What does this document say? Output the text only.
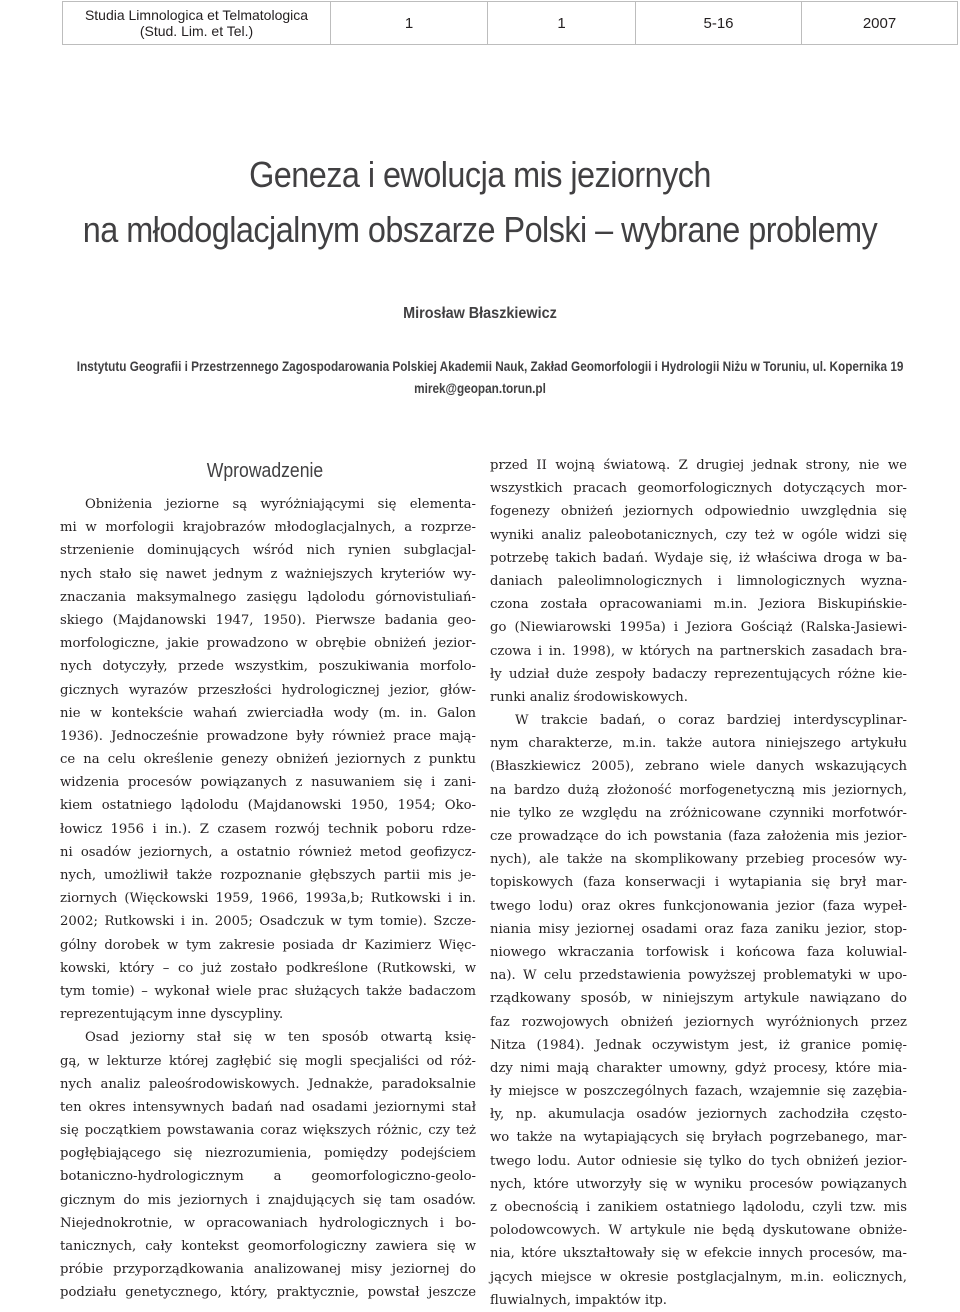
Studia Limnologica et Telmatologica
(Stud. Lim. et Tel.)	1	1	5-16	2007
Geneza i ewolucja mis jeziornych
na młodoglacjalnym obszarze Polski – wybrane problemy
Mirosław Błaszkiewicz
Instytutu Geografii i Przestrzennego Zagospodarowania Polskiej Akademii Nauk, Zakład Geomorfologii i Hydrologii Niżu w Toruniu, ul. Kopernika 19
mirek@geopan.torun.pl
Wprowadzenie
Obniżenia jeziorne są wyróżniającymi się elementa-
mi w morfologii krajobrazów młodoglacjalnych, a rozprze-
strzenienie dominujących wśród nich rynien subglacjal-
nych stało się nawet jednym z ważniejszych kryteriów wy-
znaczania maksymalnego zasięgu lądolodu górnovistuliań-
skiego (Majdanowski 1947, 1950). Pierwsze badania geo-
morfologiczne, jakie prowadzono w obrębie obniżeń jezior-
nych dotyczyły, przede wszystkim, poszukiwania morfolo-
gicznych wyrazów przeszłości hydrologicznej jezior, głów-
nie w kontekście wahań zwierciadła wody (m. in. Galon
1936). Jednocześnie prowadzone były również prace mają-
ce na celu określenie genezy obniżeń jeziornych z punktu
widzenia procesów powiązanych z nasuwaniem się i zani-
kiem ostatniego lądolodu (Majdanowski 1950, 1954; Oko-
łowicz 1956 i in.). Z czasem rozwój technik poboru rdze-
ni osadów jeziornych, a ostatnio również metod geofizycz-
nych, umożliwił także rozpoznanie głębszych partii mis je-
ziornych (Więckowski 1959, 1966, 1993a,b; Rutkowski i in.
2002; Rutkowski i in. 2005; Osadczuk w tym tomie). Szcze-
gólny dorobek w tym zakresie posiada dr Kazimierz Więc-
kowski, który – co już zostało podkreślone (Rutkowski, w
tym tomie) – wykonał wiele prac służących także badaczom
reprezentującym inne dyscypliny.
Osad jeziorny stał się w ten sposób otwartą księ-
gą, w lekturze której zagłębić się mogli specjaliści od róż-
nych analiz paleośrodowiskowych. Jednakże, paradoksalnie
ten okres intensywnych badań nad osadami jeziornymi stał
się początkiem powstawania coraz większych różnic, czy też
pogłębiającego się niezrozumienia, pomiędzy podejściem
botaniczno-hydrologicznym a geomorfologiczno-geolo-
gicznym do mis jeziornych i znajdujących się tam osadów.
Niejednokrotnie, w opracowaniach hydrologicznych i bo-
tanicznych, cały kontekst geomorfologiczny zawiera się w
próbie przyporządkowania analizowanej misy jeziornej do
podziału genetycznego, który, praktycznie, powstał jeszcze
przed II wojną światową. Z drugiej jednak strony, nie we
wszystkich pracach geomorfologicznych dotyczących mor-
fogenezy obniżeń jeziornych odpowiednio uwzględnia się
wyniki analiz paleobotanicznych, czy też w ogóle widzi się
potrzebę takich badań. Wydaje się, iż właściwa droga w ba-
daniach paleolimnologicznych i limnologicznych wyzna-
czona została opracowaniami m.in. Jeziora Biskupińskie-
go (Niewiarowski 1995a) i Jeziora Gościąż (Ralska-Jasiewi-
czowa i in. 1998), w których na partnerskich zasadach bra-
ły udział duże zespoły badaczy reprezentujących różne kie-
runki analiz środowiskowych.
W trakcie badań, o coraz bardziej interdyscyplinar-
nym charakterze, m.in. także autora niniejszego artykułu
(Błaszkiewicz 2005), zebrano wiele danych wskazujących
na bardzo dużą złożoność morfogenetyczną mis jeziornych,
nie tylko ze względu na zróżnicowane czynniki morfotwór-
cze prowadzące do ich powstania (faza założenia mis jezior-
nych), ale także na skomplikowany przebieg procesów wy-
topiskowych (faza konserwacji i wytapiania się brył mar-
twego lodu) oraz okres funkcjonowania jezior (faza wypeł-
niania misy jeziornej osadami oraz faza zaniku jezior, stop-
niowego wkraczania torfowisk i końcowa faza koluwial-
na). W celu przedstawienia powyższej problematyki w upo-
rządkowany sposób, w niniejszym artykule nawiązano do
faz rozwojowych obniżeń jeziornych wyróżnionych przez
Nitza (1984). Jednak oczywistym jest, iż granice pomię-
dzy nimi mają charakter umowny, gdyż procesy, które mia-
ły miejsce w poszczególnych fazach, wzajemnie się zazębia-
ły, np. akumulacja osadów jeziornych zachodziła często-
wo także na wytapiających się bryłach pogrzebanego, mar-
twego lodu. Autor odniesie się tylko do tych obniżeń jezior-
nych, które utworzyły się w wyniku procesów powiązanych
z obecnością i zanikiem ostatniego lądolodu, czyli tzw. mis
polodowcowych. W artykule nie będą dyskutowane obniże-
nia, które ukształtowały się w efekcie innych procesów, ma-
jących miejsce w okresie postglacjalnym, m.in. eolicznych,
fluwialnych, impaktów itp.
